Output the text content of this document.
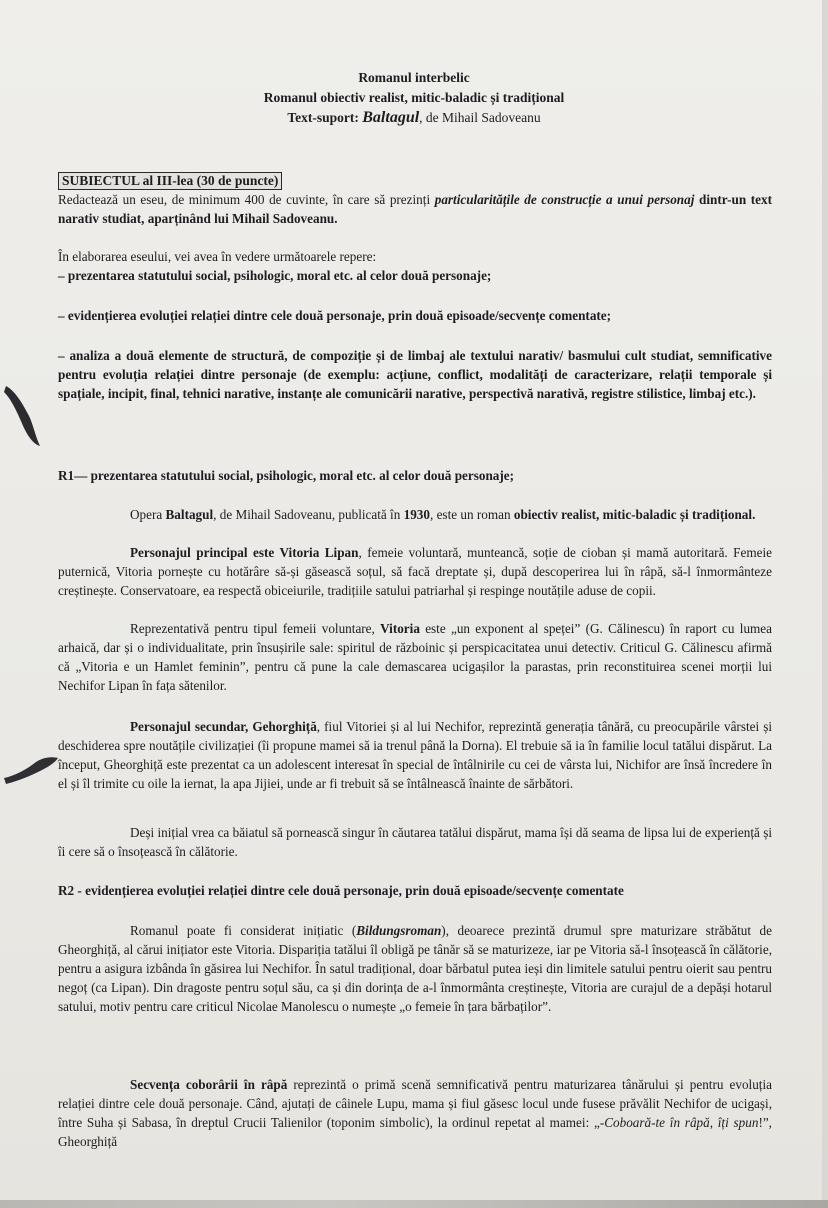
Romanul interbelic
Romanul obiectiv realist, mitic-baladic și tradițional
Text-suport: Baltagul, de Mihail Sadoveanu
SUBIECTUL al III-lea (30 de puncte)
Redactează un eseu, de minimum 400 de cuvinte, în care să prezinți particularitățile de construcție a unui personaj dintr-un text narativ studiat, aparținând lui Mihail Sadoveanu.
În elaborarea eseului, vei avea în vedere următoarele repere:
– prezentarea statutului social, psihologic, moral etc. al celor două personaje;
– evidențierea evoluției relației dintre cele două personaje, prin două episoade/secvențe comentate;
– analiza a două elemente de structură, de compoziție și de limbaj ale textului narativ/ basmului cult studiat, semnificative pentru evoluția relației dintre personaje (de exemplu: acțiune, conflict, modalități de caracterizare, relații temporale și spațiale, incipit, final, tehnici narative, instanțe ale comunicării narative, perspectivă narativă, registre stilistice, limbaj etc.).
R1— prezentarea statutului social, psihologic, moral etc. al celor două personaje;
Opera Baltagul, de Mihail Sadoveanu, publicată în 1930, este un roman obiectiv realist, mitic-baladic și tradițional.
Personajul principal este Vitoria Lipan, femeie voluntară, munteancă, soție de cioban și mamă autoritară. Femeie puternică, Vitoria pornește cu hotărâre să-și găsească soțul, să facă dreptate și, după descoperirea lui în râpă, să-l înmormânteze creștinește. Conservatoare, ea respectă obiceiurile, tradițiile satului patriarhal și respinge noutățile aduse de copii.
Reprezentativă pentru tipul femeii voluntare, Vitoria este „un exponent al speței” (G. Călinescu) în raport cu lumea arhaică, dar și o individualitate, prin însușirile sale: spiritul de războinic și perspicacitatea unui detectiv. Criticul G. Călinescu afirmă că „Vitoria e un Hamlet feminin”, pentru că pune la cale demascarea ucigașilor la parastas, prin reconstituirea scenei morții lui Nechifor Lipan în fața sătenilor.
Personajul secundar, Gehorghiță, fiul Vitoriei și al lui Nechifor, reprezintă generația tânără, cu preocupările vârstei și deschiderea spre noutățile civilizației (îi propune mamei să ia trenul până la Dorna). El trebuie să ia în familie locul tatălui dispărut. La început, Gheorghiță este prezentat ca un adolescent interesat în special de întâlnirile cu cei de vârsta lui, Nichifor are însă încredere în el și îl trimite cu oile la iernat, la apa Jijiei, unde ar fi trebuit să se întâlnească înainte de sărbători.
Deși inițial vrea ca băiatul să pornească singur în căutarea tatălui dispărut, mama își dă seama de lipsa lui de experiență și îi cere să o însoțească în călătorie.
R2 - evidențierea evoluției relației dintre cele două personaje, prin două episoade/secvențe comentate
Romanul poate fi considerat inițiatic (Bildungsroman), deoarece prezintă drumul spre maturizare străbătut de Gheorghiță, al cărui inițiator este Vitoria. Dispariția tatălui îl obligă pe tânăr să se maturizeze, iar pe Vitoria să-l însoțească în călătorie, pentru a asigura izbânda în găsirea lui Nechifor. În satul tradițional, doar bărbatul putea ieși din limitele satului pentru oierit sau pentru negoț (ca Lipan). Din dragoste pentru soțul său, ca și din dorința de a-l înmormânta creștinește, Vitoria are curajul de a depăși hotarul satului, motiv pentru care criticul Nicolae Manolescu o numește „o femeie în țara bărbaților”.
Secvența coborârii în râpă reprezintă o primă scenă semnificativă pentru maturizarea tânărului și pentru evoluția relației dintre cele două personaje. Când, ajutați de câinele Lupu, mama și fiul găsesc locul unde fusese prăvălit Nechifor de ucigași, între Suha și Sabasa, în dreptul Crucii Talienilor (toponim simbolic), la ordinul repetat al mamei: „-Coboară-te în râpă, îți spun!”, Gheorghiță
